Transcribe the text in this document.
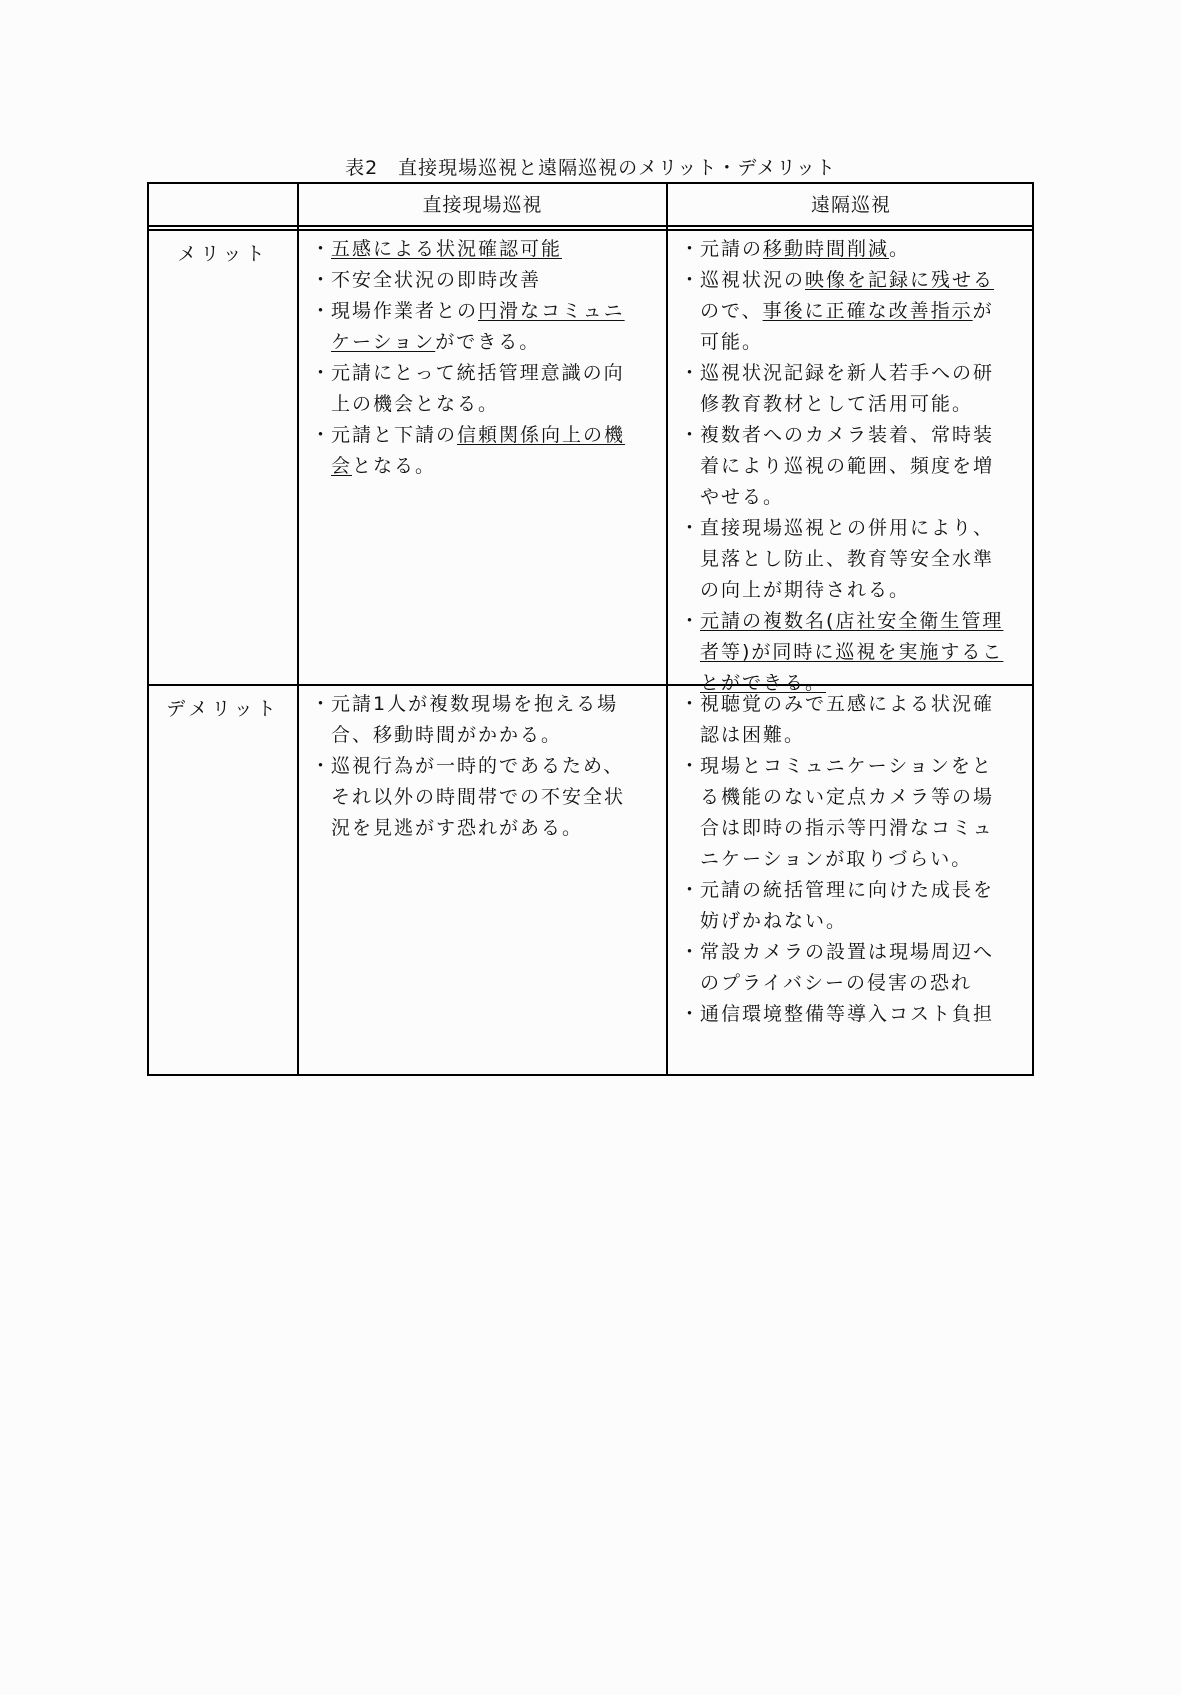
表2　直接現場巡視と遠隔巡視のメリット・デメリット
直接現場巡視	遠隔巡視
メリット
デメリット
・
五感による状況確認可能
・
不安全状況の即時改善
・
現場作業者との円滑なコミュニケーションができる。
・
元請にとって統括管理意識の向上の機会となる。
・
元請と下請の信頼関係向上の機会となる。
・
元請の移動時間削減。
・
巡視状況の映像を記録に残せるので、事後に正確な改善指示が可能。
・
巡視状況記録を新人若手への研修教育教材として活用可能。
・
複数者へのカメラ装着、常時装着により巡視の範囲、頻度を増やせる。
・
直接現場巡視との併用により、見落とし防止、教育等安全水準の向上が期待される。
・
元請の複数名(店社安全衛生管理者等)が同時に巡視を実施することができる。
・
元請1人が複数現場を抱える場合、移動時間がかかる。
・
巡視行為が一時的であるため、それ以外の時間帯での不安全状況を見逃がす恐れがある。
・
視聴覚のみで五感による状況確認は困難。
・
現場とコミュニケーションをとる機能のない定点カメラ等の場合は即時の指示等円滑なコミュニケーションが取りづらい。
・
元請の統括管理に向けた成長を妨げかねない。
・
常設カメラの設置は現場周辺へのプライバシーの侵害の恐れ
・
通信環境整備等導入コスト負担
